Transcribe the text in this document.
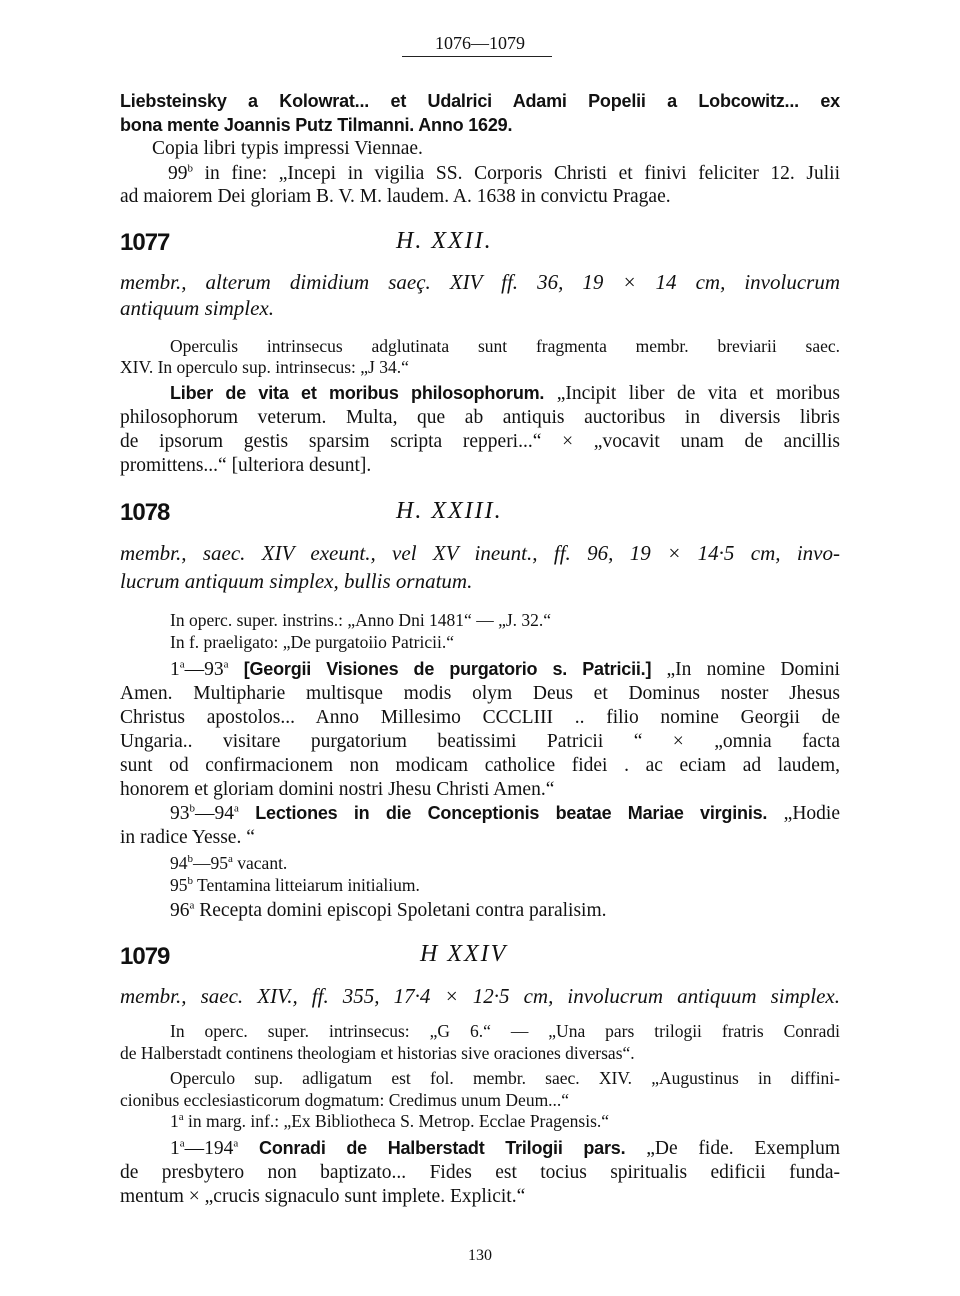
1076—1079
Liebsteinsky a Kolowrat... et Udalrici Adami Popelii a Lobcowitz... ex
bona mente Joannis Putz Tilmanni. Anno 1629.
Copia libri typis impressi Viennae.
99$^b$ in fine: „Incepi in vigilia SS. Corporis Christi et finivi feliciter 12. Julii
ad maiorem Dei gloriam B. V. M. laudem. A. 1638 in convictu Pragae.
1077	H. XXII.
membr., alterum dimidium saeç. XIV ff. 36, 19 × 14 cm, involucrum
antiquum simplex.
Operculis intrinsecus adglutinata sunt fragmenta membr. breviarii saec.
XIV. In operculo sup. intrinsecus: „J 34.“
Liber de vita et moribus philosophorum. „Incipit liber de vita et moribus
philosophorum veterum. Multa, que ab antiquis auctoribus in diversis libris
de ipsorum gestis sparsim scripta repperi...“ × „vocavit unam de ancillis
promittens...“ [ulteriora desunt].
1078	H. XXIII.
membr., saec. XIV exeunt., vel XV ineunt., ff. 96, 19 × 14·5 cm, invo-
lucrum antiquum simplex, bullis ornatum.
In operc. super. instrins.: „Anno Dni 1481“ — „J. 32.“
In f. praeligato: „De purgatoiio Patricii.“
1$^a$—93$^a$ [Georgii Visiones de purgatorio s. Patricii.] „In nomine Domini
Amen. Multipharie multisque modis olym Deus et Dominus noster Jhesus
Christus apostolos... Anno Millesimo CCCLIII .. filio nomine Georgii de
Ungaria.. visitare purgatorium beatissimi Patricii “ × „omnia facta
sunt od confirmacionem non modicam catholice fidei . ac eciam ad laudem,
honorem et gloriam domini nostri Jhesu Christi Amen.“
93$^b$—94$^a$ Lectiones in die Conceptionis beatae Mariae virginis. „Hodie
in radice Yesse. “
94$^b$—95$^a$ vacant.
95$^b$ Tentamina litteiarum initialium.
96$^a$ Recepta domini episcopi Spoletani contra paralisim.
1079	H XXIV
membr., saec. XIV., ff. 355, 17·4 × 12·5 cm, involucrum antiquum simplex.
In operc. super. intrinsecus: „G 6.“ — „Una pars trilogii fratris Conradi
de Halberstadt continens theologiam et historias sive oraciones diversas“.
Operculo sup. adligatum est fol. membr. saec. XIV. „Augustinus in diffini-
cionibus ecclesiasticorum dogmatum: Credimus unum Deum...“
1$^a$ in marg. inf.: „Ex Bibliotheca S. Metrop. Ecclae Pragensis.“
1$^a$—194$^a$ Conradi de Halberstadt Trilogii pars. „De fide. Exemplum
de presbytero non baptizato... Fides est tocius spiritualis edificii funda-
mentum × „crucis signaculo sunt implete. Explicit.“
130
